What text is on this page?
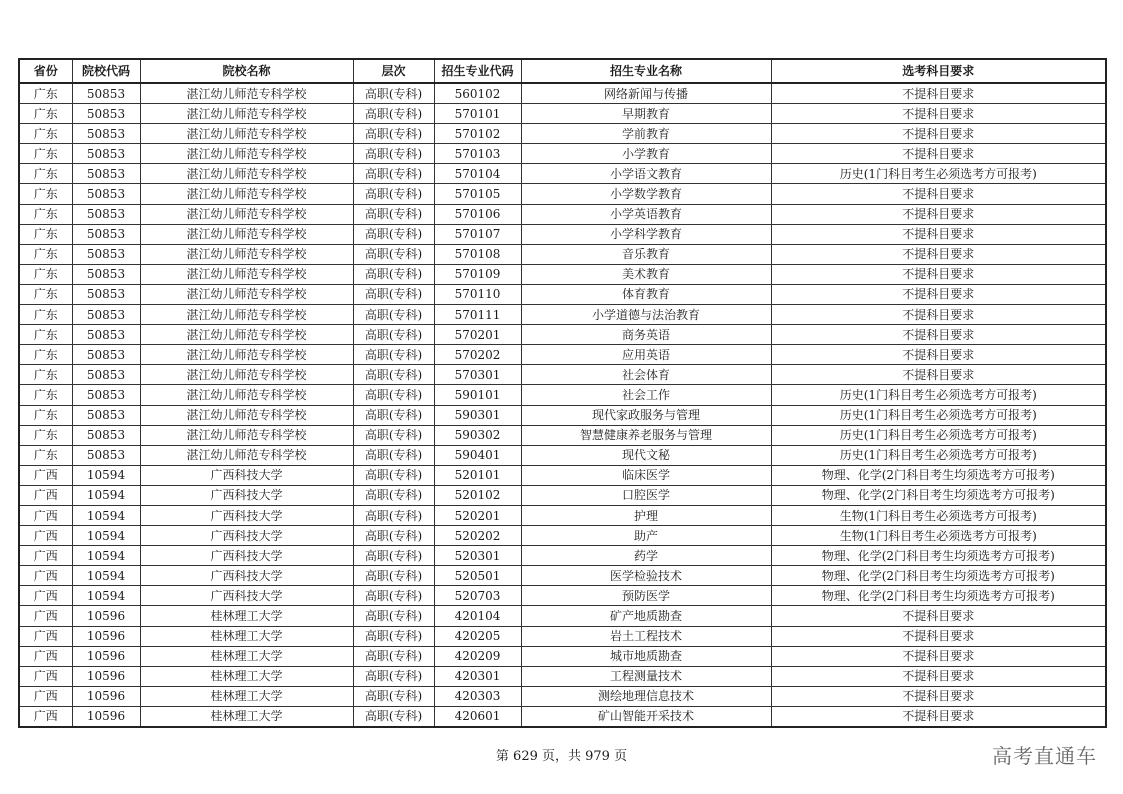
省份	院校代码	院校名称	层次	招生专业代码	招生专业名称	选考科目要求
广东	50853	湛江幼儿师范专科学校	高职(专科)	560102	网络新闻与传播	不提科目要求
广东	50853	湛江幼儿师范专科学校	高职(专科)	570101	早期教育	不提科目要求
广东	50853	湛江幼儿师范专科学校	高职(专科)	570102	学前教育	不提科目要求
广东	50853	湛江幼儿师范专科学校	高职(专科)	570103	小学教育	不提科目要求
广东	50853	湛江幼儿师范专科学校	高职(专科)	570104	小学语文教育	历史(1门科目考生必须选考方可报考)
广东	50853	湛江幼儿师范专科学校	高职(专科)	570105	小学数学教育	不提科目要求
广东	50853	湛江幼儿师范专科学校	高职(专科)	570106	小学英语教育	不提科目要求
广东	50853	湛江幼儿师范专科学校	高职(专科)	570107	小学科学教育	不提科目要求
广东	50853	湛江幼儿师范专科学校	高职(专科)	570108	音乐教育	不提科目要求
广东	50853	湛江幼儿师范专科学校	高职(专科)	570109	美术教育	不提科目要求
广东	50853	湛江幼儿师范专科学校	高职(专科)	570110	体育教育	不提科目要求
广东	50853	湛江幼儿师范专科学校	高职(专科)	570111	小学道德与法治教育	不提科目要求
广东	50853	湛江幼儿师范专科学校	高职(专科)	570201	商务英语	不提科目要求
广东	50853	湛江幼儿师范专科学校	高职(专科)	570202	应用英语	不提科目要求
广东	50853	湛江幼儿师范专科学校	高职(专科)	570301	社会体育	不提科目要求
广东	50853	湛江幼儿师范专科学校	高职(专科)	590101	社会工作	历史(1门科目考生必须选考方可报考)
广东	50853	湛江幼儿师范专科学校	高职(专科)	590301	现代家政服务与管理	历史(1门科目考生必须选考方可报考)
广东	50853	湛江幼儿师范专科学校	高职(专科)	590302	智慧健康养老服务与管理	历史(1门科目考生必须选考方可报考)
广东	50853	湛江幼儿师范专科学校	高职(专科)	590401	现代文秘	历史(1门科目考生必须选考方可报考)
广西	10594	广西科技大学	高职(专科)	520101	临床医学	物理、化学(2门科目考生均须选考方可报考)
广西	10594	广西科技大学	高职(专科)	520102	口腔医学	物理、化学(2门科目考生均须选考方可报考)
广西	10594	广西科技大学	高职(专科)	520201	护理	生物(1门科目考生必须选考方可报考)
广西	10594	广西科技大学	高职(专科)	520202	助产	生物(1门科目考生必须选考方可报考)
广西	10594	广西科技大学	高职(专科)	520301	药学	物理、化学(2门科目考生均须选考方可报考)
广西	10594	广西科技大学	高职(专科)	520501	医学检验技术	物理、化学(2门科目考生均须选考方可报考)
广西	10594	广西科技大学	高职(专科)	520703	预防医学	物理、化学(2门科目考生均须选考方可报考)
广西	10596	桂林理工大学	高职(专科)	420104	矿产地质勘查	不提科目要求
广西	10596	桂林理工大学	高职(专科)	420205	岩土工程技术	不提科目要求
广西	10596	桂林理工大学	高职(专科)	420209	城市地质勘查	不提科目要求
广西	10596	桂林理工大学	高职(专科)	420301	工程测量技术	不提科目要求
广西	10596	桂林理工大学	高职(专科)	420303	测绘地理信息技术	不提科目要求
广西	10596	桂林理工大学	高职(专科)	420601	矿山智能开采技术	不提科目要求
第 629 页，共 979 页	高考直通车
